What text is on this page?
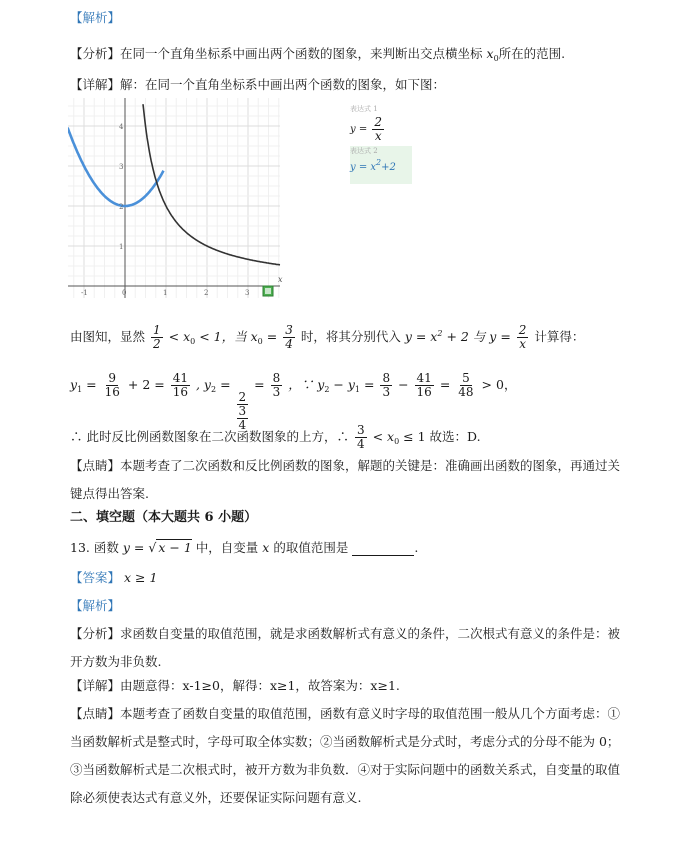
【解析】
【分析】在同一个直角坐标系中画出两个函数的图象，来判断出交点横坐标 $x_0$所在的范围.
【详解】解：在同一个直角坐标系中画出两个函数的图象，如下图：
-1	0	1	2	3
1
2
3
4
x
表达式 1
$y = \frac{2}{x}$
表达式 2
$y = x^2+2$
由图知，显然 $\frac{1}{2} < x_0 < 1$，当 $x_0 = \frac{3}{4}$ 时，将其分别代入 $y = x^2 + 2$ 与 $y = \frac{2}{x}$ 计算得：
$y_1 = \frac{9}{16} + 2 = \frac{41}{16}$ , $y_2$ =
2
3
4
= $\frac{8}{3}$ ，∵ $y_2 - y_1 = \frac{8}{3} - \frac{41}{16} = \frac{5}{48} > 0$，
∴ 此时反比例函数图象在二次函数图象的上方，∴ $\frac{3}{4} < x_0 \le 1$ 故选：D.
【点睛】本题考查了二次函数和反比例函数的图象，解题的关键是：准确画出函数的图象，再通过关键点得出答案.
二、填空题（本大题共 6 小题）
13. 函数 y = √ x − 1 中，自变量 x 的取值范围是	.
【答案】 x ≥ 1
【解析】
【分析】求函数自变量的取值范围，就是求函数解析式有意义的条件，二次根式有意义的条件是：被开方数为非负数.
【详解】由题意得：x-1≥0，解得：x≥1，故答案为：x≥1.
【点睛】本题考查了函数自变量的取值范围，函数有意义时字母的取值范围一般从几个方面考虑：①当函数解析式是整式时，字母可取全体实数；②当函数解析式是分式时，考虑分式的分母不能为 0；③当函数解析式是二次根式时，被开方数为非负数．④对于实际问题中的函数关系式，自变量的取值除必须使表达式有意义外，还要保证实际问题有意义.
